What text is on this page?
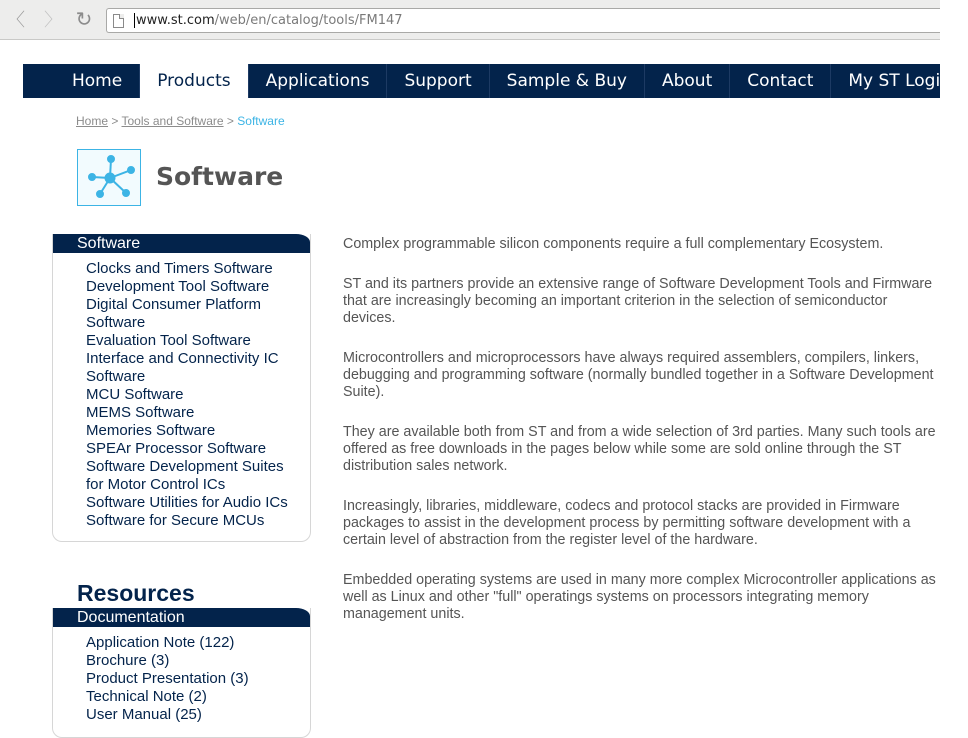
〈 〉 ↻	www.st.com /web/en/catalog/tools/FM147
Home	Products	Applications	Support	Sample & Buy	About	Contact	My ST Login
Home > Tools and Software > Software
Software
Software
Clocks and Timers Software
Development Tool Software
Digital Consumer Platform
Software
Evaluation Tool Software
Interface and Connectivity IC
Software
MCU Software
MEMS Software
Memories Software
SPEAr Processor Software
Software Development Suites
for Motor Control ICs
Software Utilities for Audio ICs
Software for Secure MCUs
Resources
Documentation
Application Note (122)
Brochure (3)
Product Presentation (3)
Technical Note (2)
User Manual (25)

Complex programmable silicon components require a full complementary Ecosystem.

ST and its partners provide an extensive range of Software Development Tools and Firmware that are increasingly becoming an important criterion in the selection of semiconductor devices.

Microcontrollers and microprocessors have always required assemblers, compilers, linkers, debugging and programming software (normally bundled together in a Software Development Suite).

They are available both from ST and from a wide selection of 3rd parties. Many such tools are offered as free downloads in the pages below while some are sold online through the ST distribution sales network.

Increasingly, libraries, middleware, codecs and protocol stacks are provided in Firmware packages to assist in the development process by permitting software development with a certain level of abstraction from the register level of the hardware.

Embedded operating systems are used in many more complex Microcontroller applications as well as Linux and other "full" operatings systems on processors integrating memory management units.
